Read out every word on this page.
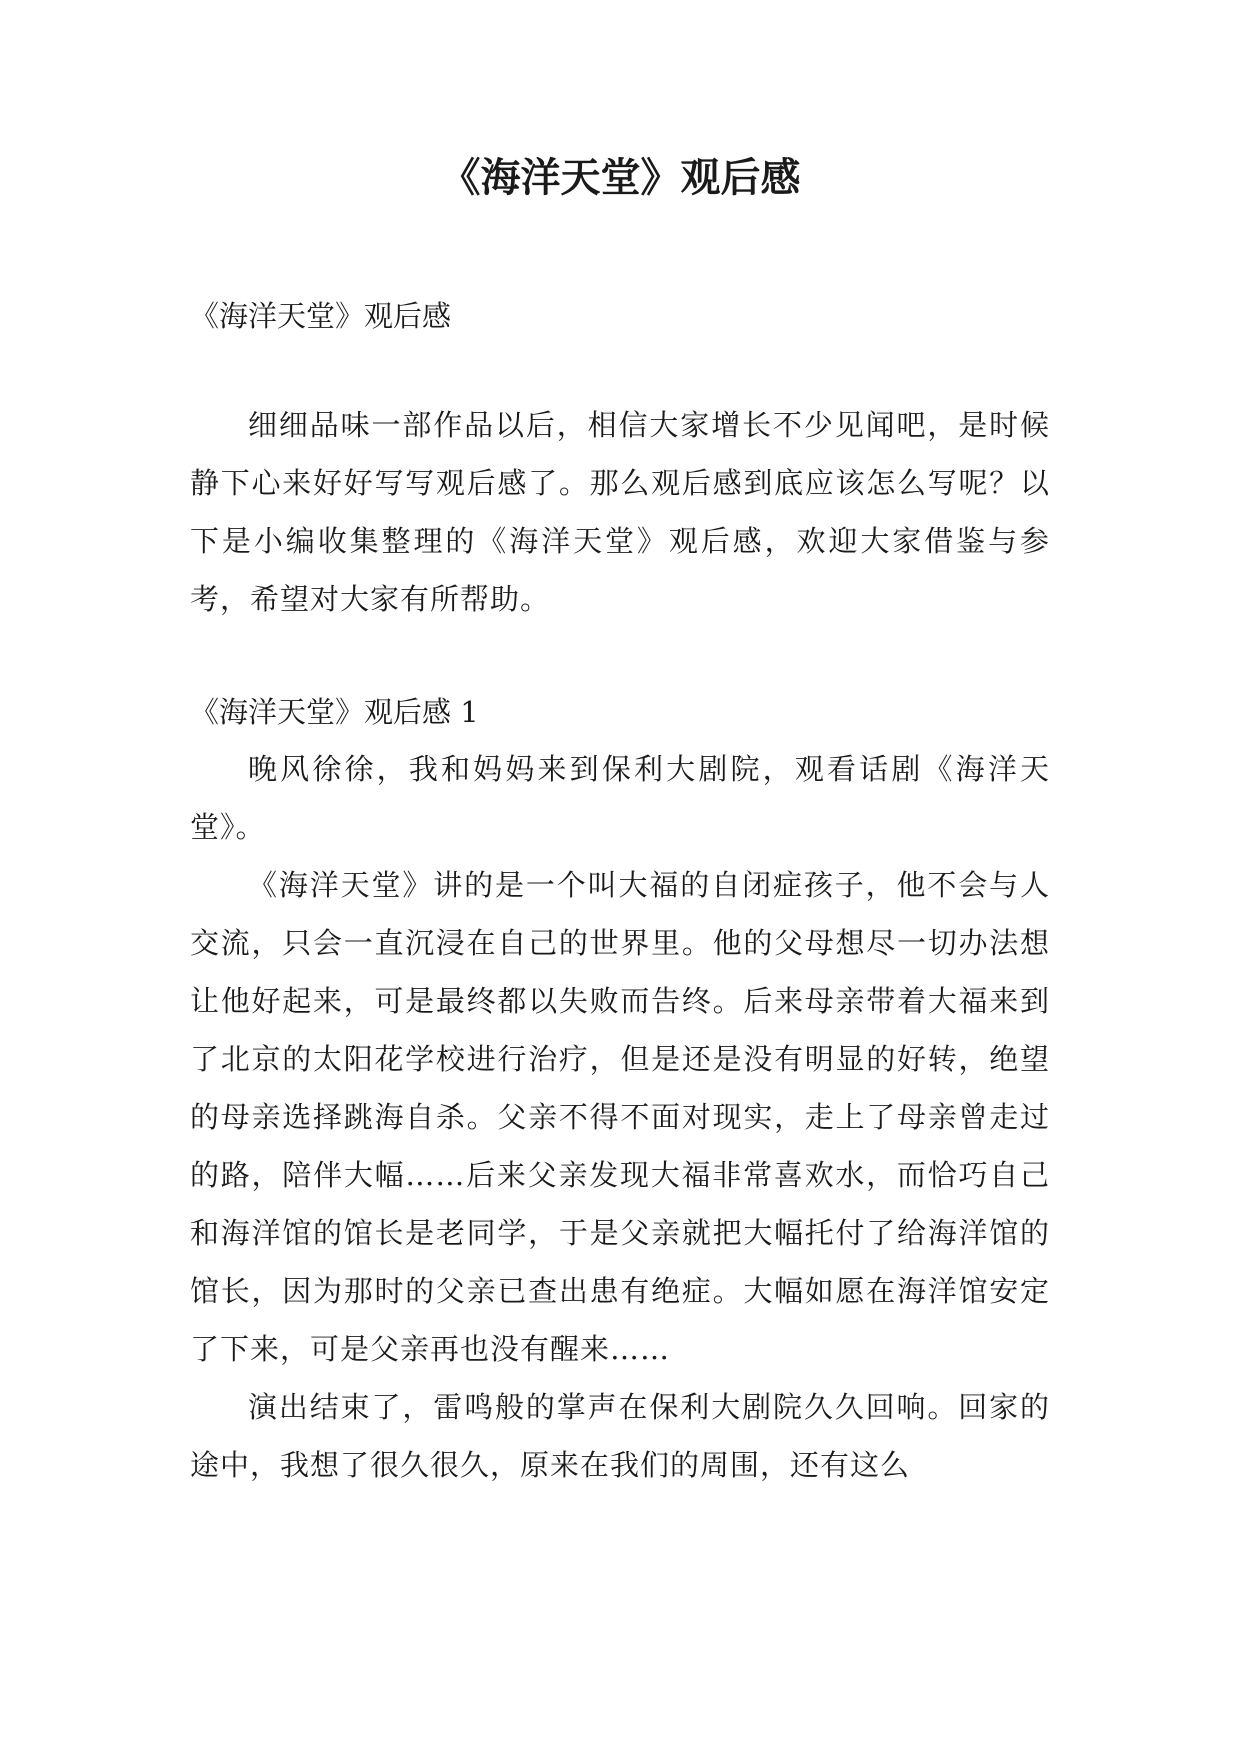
《海洋天堂》观后感

《海洋天堂》观后感

细细品味一部作品以后，相信大家增长不少见闻吧，是时候静下心来好好写写观后感了。那么观后感到底应该怎么写呢？以下是小编收集整理的《海洋天堂》观后感，欢迎大家借鉴与参考，希望对大家有所帮助。

《海洋天堂》观后感 1

晚风徐徐，我和妈妈来到保利大剧院，观看话剧《海洋天堂》。

《海洋天堂》讲的是一个叫大福的自闭症孩子，他不会与人交流，只会一直沉浸在自己的世界里。他的父母想尽一切办法想让他好起来，可是最终都以失败而告终。后来母亲带着大福来到了北京的太阳花学校进行治疗，但是还是没有明显的好转，绝望的母亲选择跳海自杀。父亲不得不面对现实，走上了母亲曾走过的路，陪伴大幅……后来父亲发现大福非常喜欢水，而恰巧自己和海洋馆的馆长是老同学，于是父亲就把大幅托付了给海洋馆的馆长，因为那时的父亲已查出患有绝症。大幅如愿在海洋馆安定了下来，可是父亲再也没有醒来……

演出结束了，雷鸣般的掌声在保利大剧院久久回响。回家的途中，我想了很久很久，原来在我们的周围，还有这么
